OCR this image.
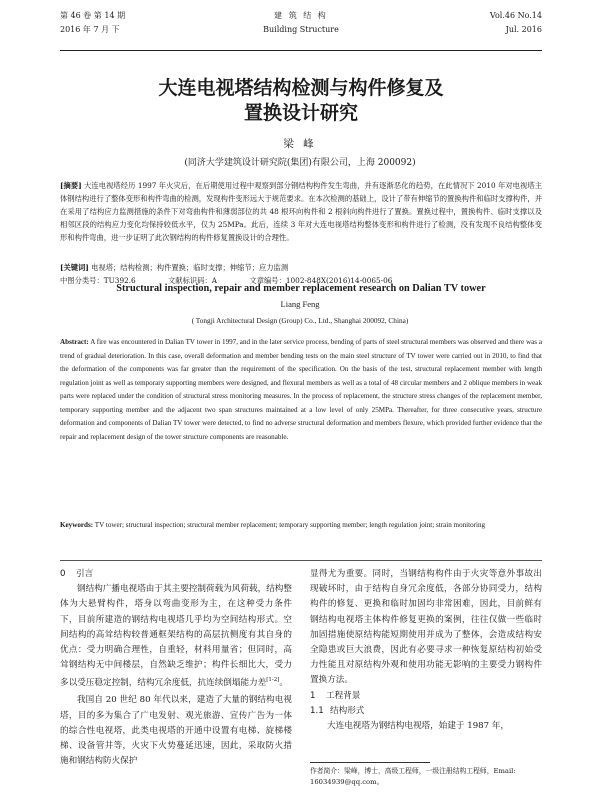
第 46 卷 第 14 期
2016 年 7 月 下
建 筑 结 构
Building Structure
Vol.46 No.14
Jul. 2016
大连电视塔结构检测与构件修复及
置换设计研究
梁 峰
(同济大学建筑设计研究院(集团)有限公司，上海 200092)
[摘要] 大连电视塔经历 1997 年火灾后，在后期使用过程中观察到部分钢结构构件发生弯曲，并有逐渐恶化的趋势，在此情况下 2010 年对电视塔主体钢结构进行了整体变形和构件弯曲的检测，发现构件变形远大于规范要求。在本次检测的基础上，设计了带有伸缩节的置换构件和临时支撑构件，并在采用了结构应力监测措施的条件下对弯曲构件和薄弱部位的共 48 根环向构件和 2 根斜向构件进行了置换。置换过程中，置换构件、临时支撑以及相邻区段的结构应力变化均保持较低水平，仅为 25MPa。此后，连续 3 年对大连电视塔结构整体变形和构件进行了检测，没有发现不良结构整体变形和构件弯曲，进一步证明了此次钢结构的构件修复置换设计的合理性。
[关键词] 电视塔；结构检测；构件置换；临时支撑；伸缩节；应力监测
中图分类号：TU392.6	文献标识码：A	文章编号：1002-848X(2016)14-0065-06
Structural inspection, repair and member replacement research on Dalian TV tower
Liang Feng
( Tongji Architectural Design (Group) Co., Ltd., Shanghai 200092, China)
Abstract: A fire was encountered in Dalian TV tower in 1997, and in the later service process, bending of parts of steel structural members was observed and there was a trend of gradual deterioration. In this case, overall deformation and member bending tests on the main steel structure of TV tower were carried out in 2010, to find that the deformation of the components was far greater than the requirement of the specification. On the basis of the test, structural replacement member with length regulation joint as well as temporary supporting members were designed, and flexural members as well as a total of 48 circular members and 2 oblique members in weak parts were replaced under the condition of structural stress monitoring measures. In the process of replacement, the structure stress changes of the replacement member, temporary supporting member and the adjacent two span structures maintained at a low level of only 25MPa. Thereafter, for three consecutive years, structure deformation and components of Dalian TV tower were detected, to find no adverse structural deformation and members flexure, which provided further evidence that the repair and replacement design of the tower structure components are reasonable.
Keywords: TV tower; structural inspection; structural member replacement; temporary supporting member; length regulation joint; strain monitoring
0 引言

钢结构广播电视塔由于其主要控制荷载为风荷载，结构整体为大悬臂构件，塔身以弯曲变形为主，在这种受力条件下，目前所建造的钢结构电视塔几乎均为空间结构形式。空间结构的高耸结构较普通框架结构的高层抗侧度有其自身的优点：受力明确合理性，自重轻，材料用量省；但同时，高耸钢结构无中间楼层，自然缺乏维护；构件长细比大，受力多以受压稳定控制，结构冗余度低，抗连续倒塌能力差[1-2]。

我国自 20 世纪 80 年代以来，建造了大量的钢结构电视塔，目的多为集合了广电发射、观光旅游、宣传广告为一体的综合性电视塔，此类电视塔的开通中设置有电梯、旋梯楼梯、设备管井等，火灾下火势蔓延迅速，因此，采取防火措施和钢结构防火保护

显得尤为重要。同时，当钢结构构件由于火灾等意外事故出现破坏时，由于结构自身冗余度低，各部分协同受力，结构构件的修复、更换和临时加固均非常困难，因此，目前鲜有钢结构电视塔主体构件修复更换的案例，往往仅做一些临时加固措施使原结构能短期使用并成为了整体，会造成结构安全隐患或巨大浪费，因此有必要寻求一种恢复原结构初始受力性能且对原结构外观和使用功能无影响的主要受力钢构件置换方法。

1 工程背景
1.1 结构形式

大连电视塔为钢结构电视塔，始建于 1987 年，

作者简介：梁峰，博士，高级工程师，一级注册结构工程师，Email: 16034939@qq.com。
